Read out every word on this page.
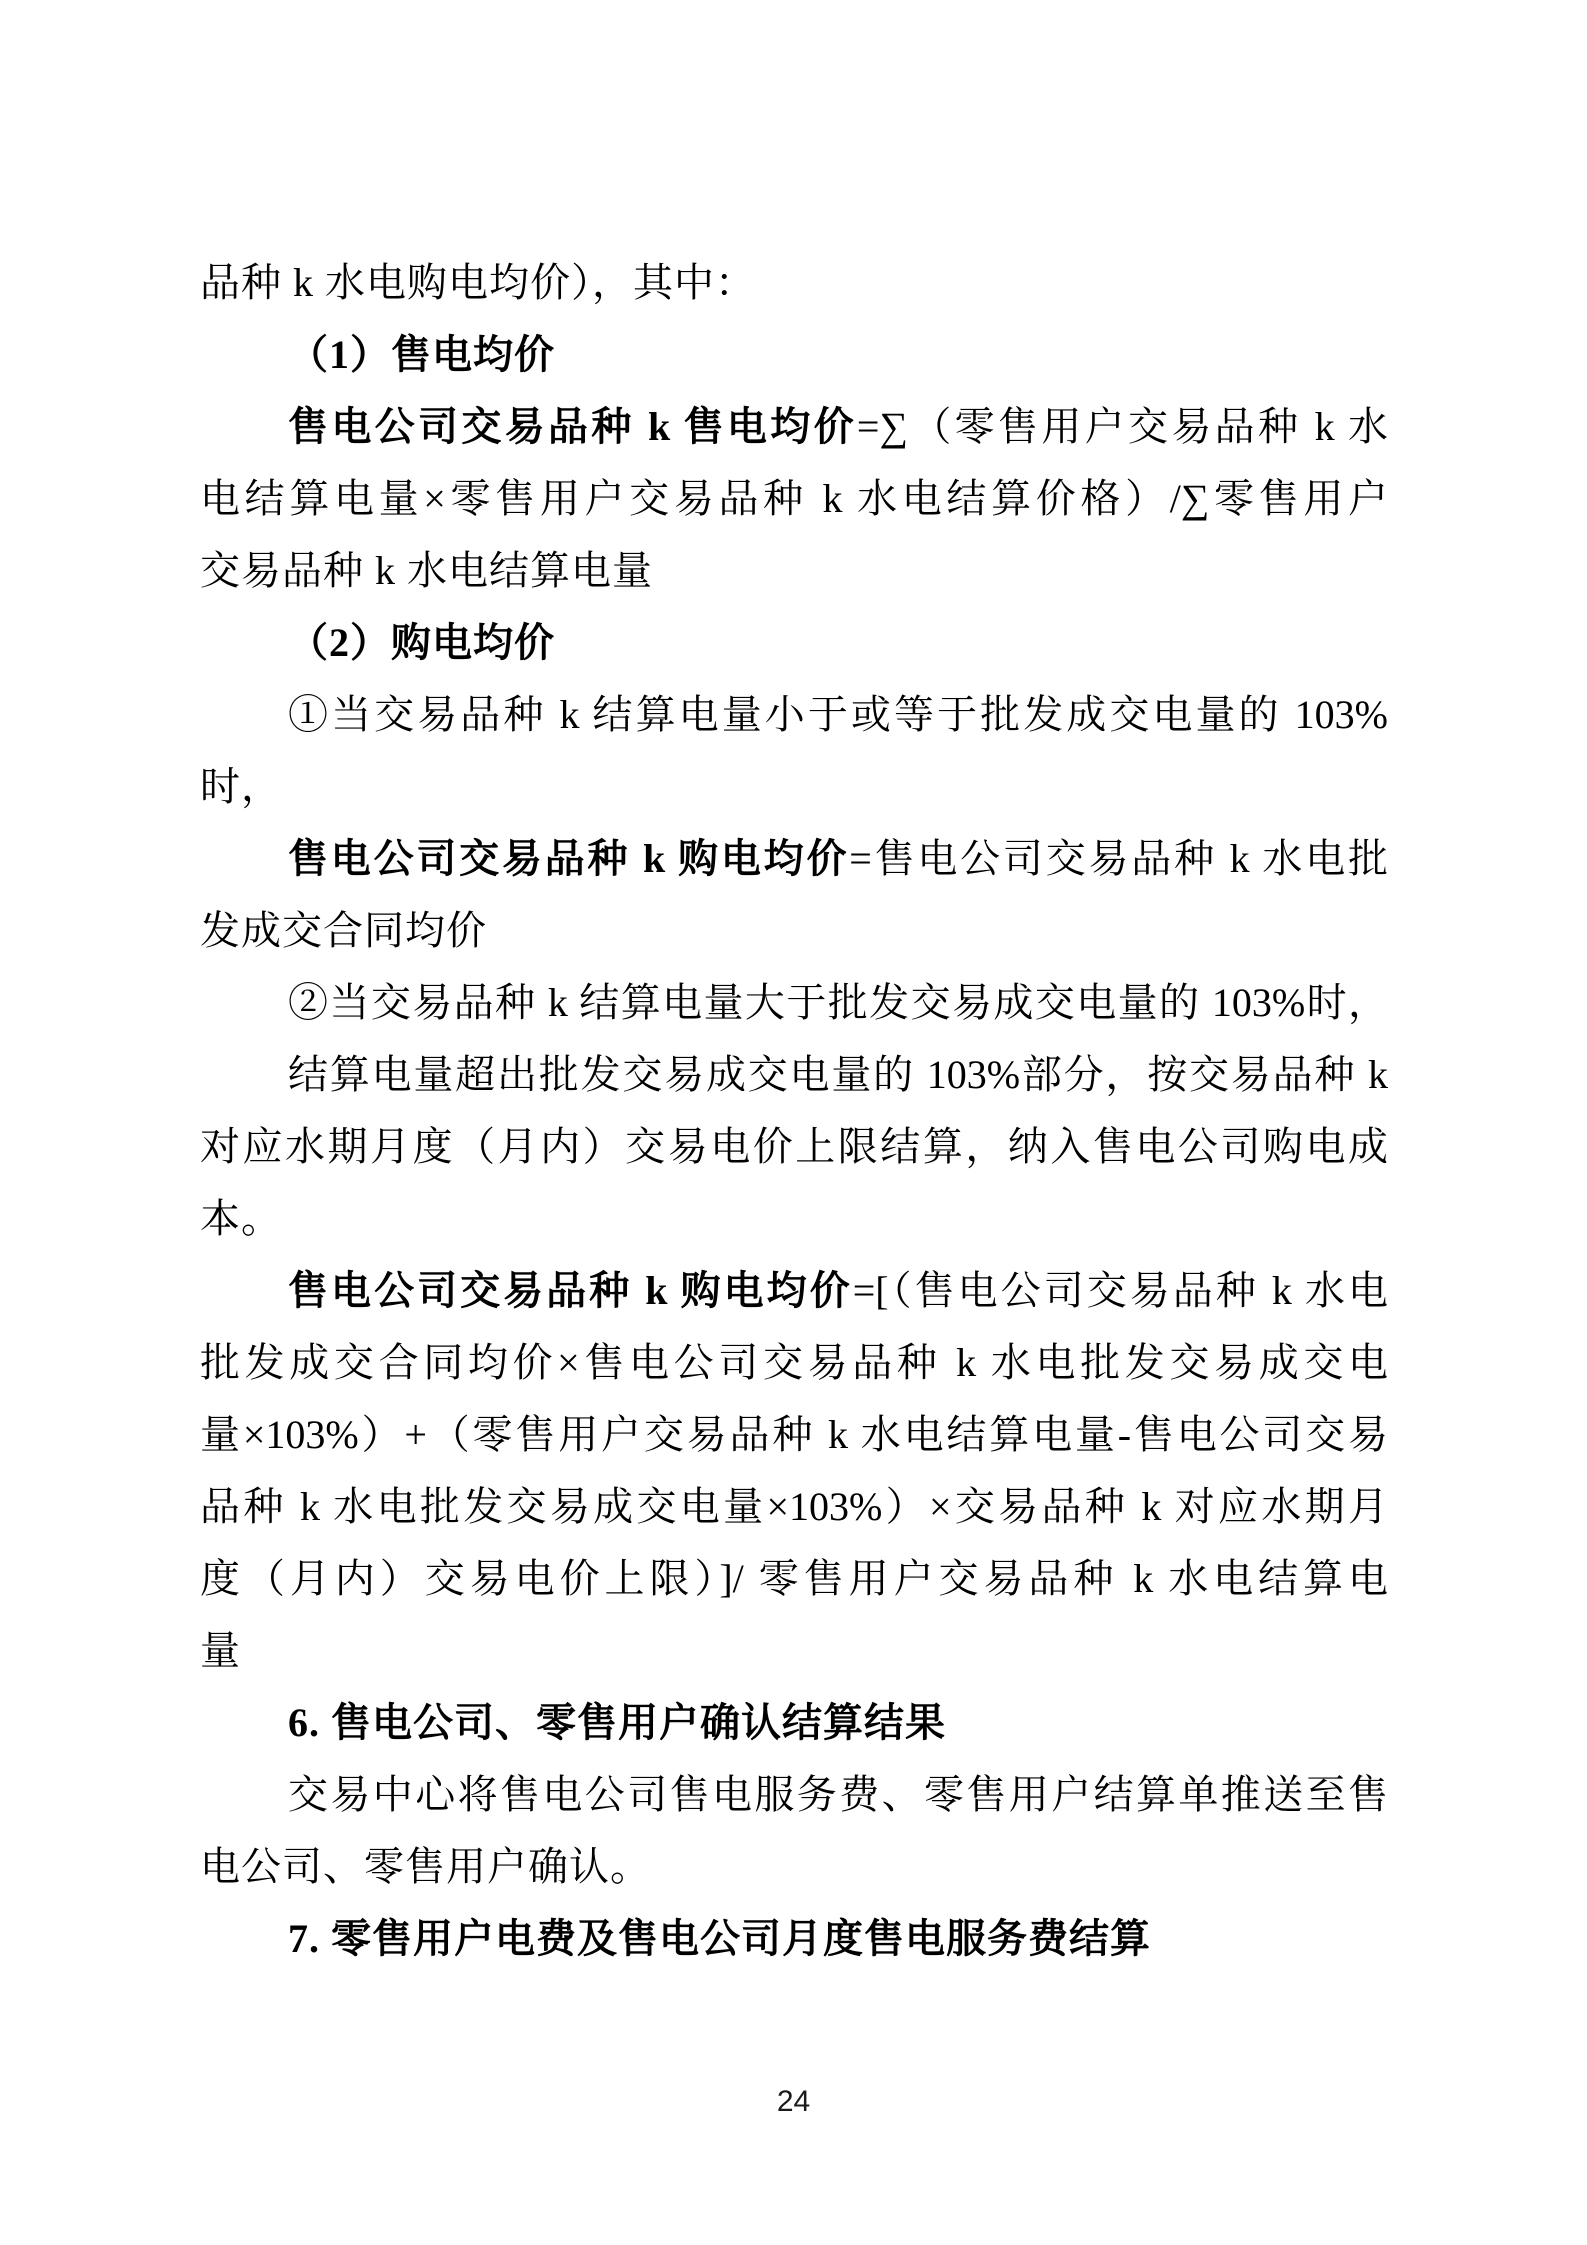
品种 k 水电购电均价），其中：
（1）售电均价
售电公司交易品种 k 售电均价=∑（零售用户交易品种 k 水
电结算电量×零售用户交易品种 k 水电结算价格）/∑零售用户
交易品种 k 水电结算电量
（2）购电均价
①当交易品种 k 结算电量小于或等于批发成交电量的 103%
时，
售电公司交易品种 k 购电均价=售电公司交易品种 k 水电批
发成交合同均价
②当交易品种 k 结算电量大于批发交易成交电量的 103%时，
结算电量超出批发交易成交电量的 103%部分，按交易品种 k
对应水期月度（月内）交易电价上限结算，纳入售电公司购电成
本。
售电公司交易品种 k 购电均价=[（售电公司交易品种 k 水电
批发成交合同均价×售电公司交易品种 k 水电批发交易成交电
量×103%）+（零售用户交易品种 k 水电结算电量-售电公司交易
品种 k 水电批发交易成交电量×103%）×交易品种 k 对应水期月
度（月内）交易电价上限）]/ 零售用户交易品种 k 水电结算电
量
6. 售电公司、零售用户确认结算结果
交易中心将售电公司售电服务费、零售用户结算单推送至售
电公司、零售用户确认。
7. 零售用户电费及售电公司月度售电服务费结算
24
